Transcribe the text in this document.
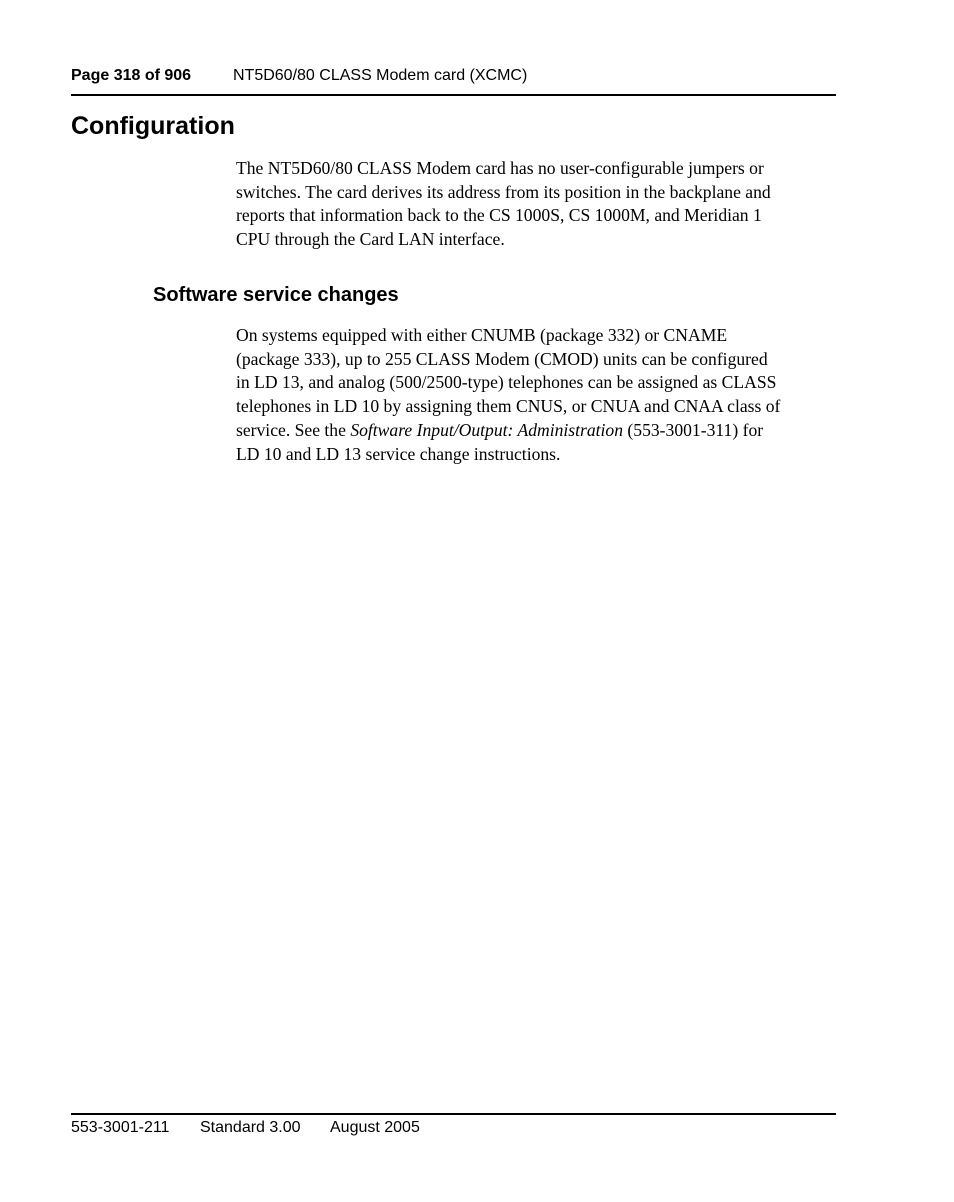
Page 318 of 906	NT5D60/80 CLASS Modem card (XCMC)
Configuration

The NT5D60/80 CLASS Modem card has no user-configurable jumpers or
switches. The card derives its address from its position in the backplane and
reports that information back to the CS 1000S, CS 1000M, and Meridian 1
CPU through the Card LAN interface.

Software service changes

On systems equipped with either CNUMB (package 332) or CNAME
(package 333), up to 255 CLASS Modem (CMOD) units can be configured
in LD 13, and analog (500/2500-type) telephones can be assigned as CLASS
telephones in LD 10 by assigning them CNUS, or CNUA and CNAA class of
service. See the Software Input/Output: Administration (553-3001-311) for
LD 10 and LD 13 service change instructions.

553-3001-211 Standard 3.00 August 2005
